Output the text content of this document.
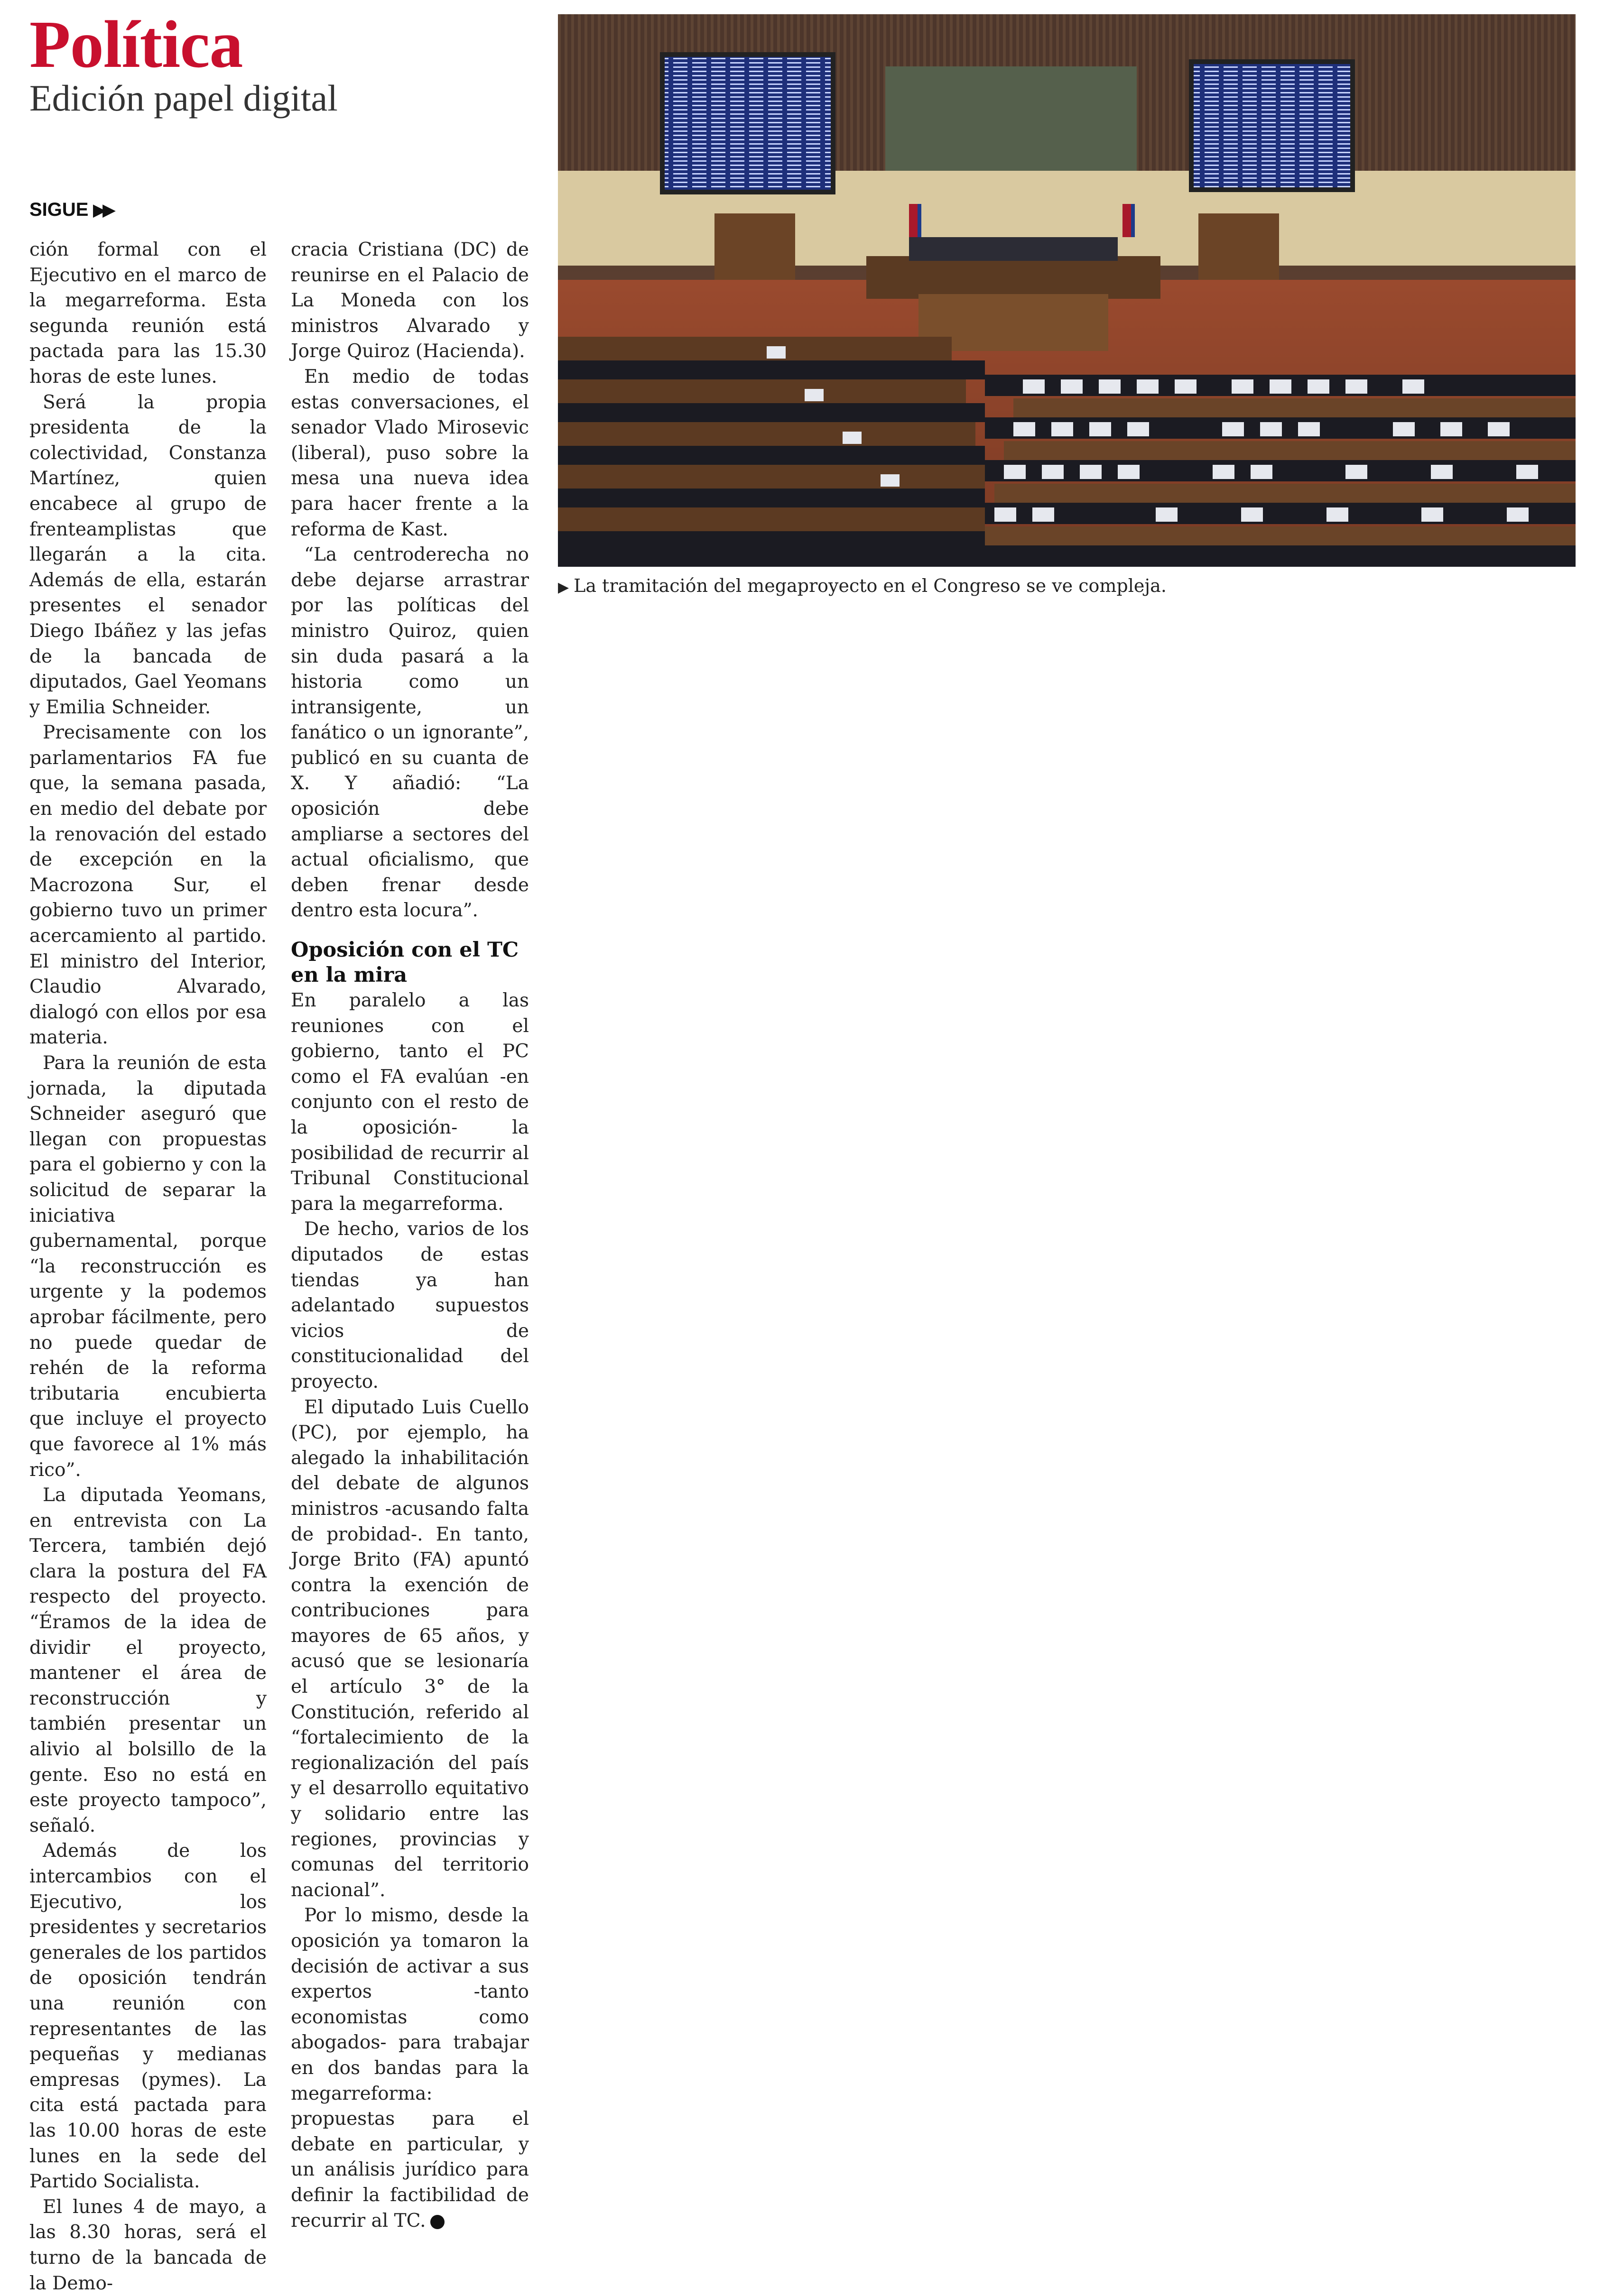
Política
Edición papel digital
SIGUE ▶▶

ción formal con el Ejecutivo en el marco de la megarreforma. Esta segunda reunión está pactada para las 15.30 horas de este lunes.

Será la propia presidenta de la colectividad, Constanza Martínez, quien encabece al grupo de frenteamplistas que llegarán a la cita. Además de ella, estarán presentes el senador Diego Ibáñez y las jefas de la bancada de diputados, Gael Yeomans y Emilia Schneider.

Precisamente con los parlamentarios FA fue que, la semana pasada, en medio del debate por la renovación del estado de excepción en la Macrozona Sur, el gobierno tuvo un primer acercamiento al partido. El ministro del Interior, Claudio Alvarado, dialogó con ellos por esa materia.

Para la reunión de esta jornada, la diputada Schneider aseguró que llegan con propuestas para el gobierno y con la solicitud de separar la iniciativa gubernamental, porque “la reconstrucción es urgente y la podemos aprobar fácilmente, pero no puede quedar de rehén de la reforma tributaria encubierta que incluye el proyecto que favorece al 1% más rico”.

La diputada Yeomans, en entrevista con La Tercera, también dejó clara la postura del FA respecto del proyecto. “Éramos de la idea de dividir el proyecto, mantener el área de reconstrucción y también presentar un alivio al bolsillo de la gente. Eso no está en este proyecto tampoco”, señaló.

Además de los intercambios con el Ejecutivo, los presidentes y secretarios generales de los partidos de oposición tendrán una reunión con representantes de las pequeñas y medianas empresas (pymes). La cita está pactada para las 10.00 horas de este lunes en la sede del Partido Socialista.

El lunes 4 de mayo, a las 8.30 horas, será el turno de la bancada de la Demo-

cracia Cristiana (DC) de reunirse en el Palacio de La Moneda con los ministros Alvarado y Jorge Quiroz (Hacienda).

En medio de todas estas conversaciones, el senador Vlado Mirosevic (liberal), puso sobre la mesa una nueva idea para hacer frente a la reforma de Kast.

“La centroderecha no debe dejarse arrastrar por las políticas del ministro Quiroz, quien sin duda pasará a la historia como un intransigente, un fanático o un ignorante”, publicó en su cuanta de X. Y añadió: “La oposición debe ampliarse a sectores del actual oficialismo, que deben frenar desde dentro esta locura”.

Oposición con el TC en la mira

En paralelo a las reuniones con el gobierno, tanto el PC como el FA evalúan -en conjunto con el resto de la oposición- la posibilidad de recurrir al Tribunal Constitucional para la megarreforma.

De hecho, varios de los diputados de estas tiendas ya han adelantado supuestos vicios de constitucionalidad del proyecto.

El diputado Luis Cuello (PC), por ejemplo, ha alegado la inhabilitación del debate de algunos ministros -acusando falta de probidad-. En tanto, Jorge Brito (FA) apuntó contra la exención de contribuciones para mayores de 65 años, y acusó que se lesionaría el artículo 3° de la Constitución, referido al “fortalecimiento de la regionalización del país y el desarrollo equitativo y solidario entre las regiones, provincias y comunas del territorio nacional”.

Por lo mismo, desde la oposición ya tomaron la decisión de activar a sus expertos -tanto economistas como abogados- para trabajar en dos bandas para la megarreforma: propuestas para el debate en particular, y un análisis jurídico para definir la factibilidad de recurrir al TC.

▶ La tramitación del megaproyecto en el Congreso se ve compleja.
